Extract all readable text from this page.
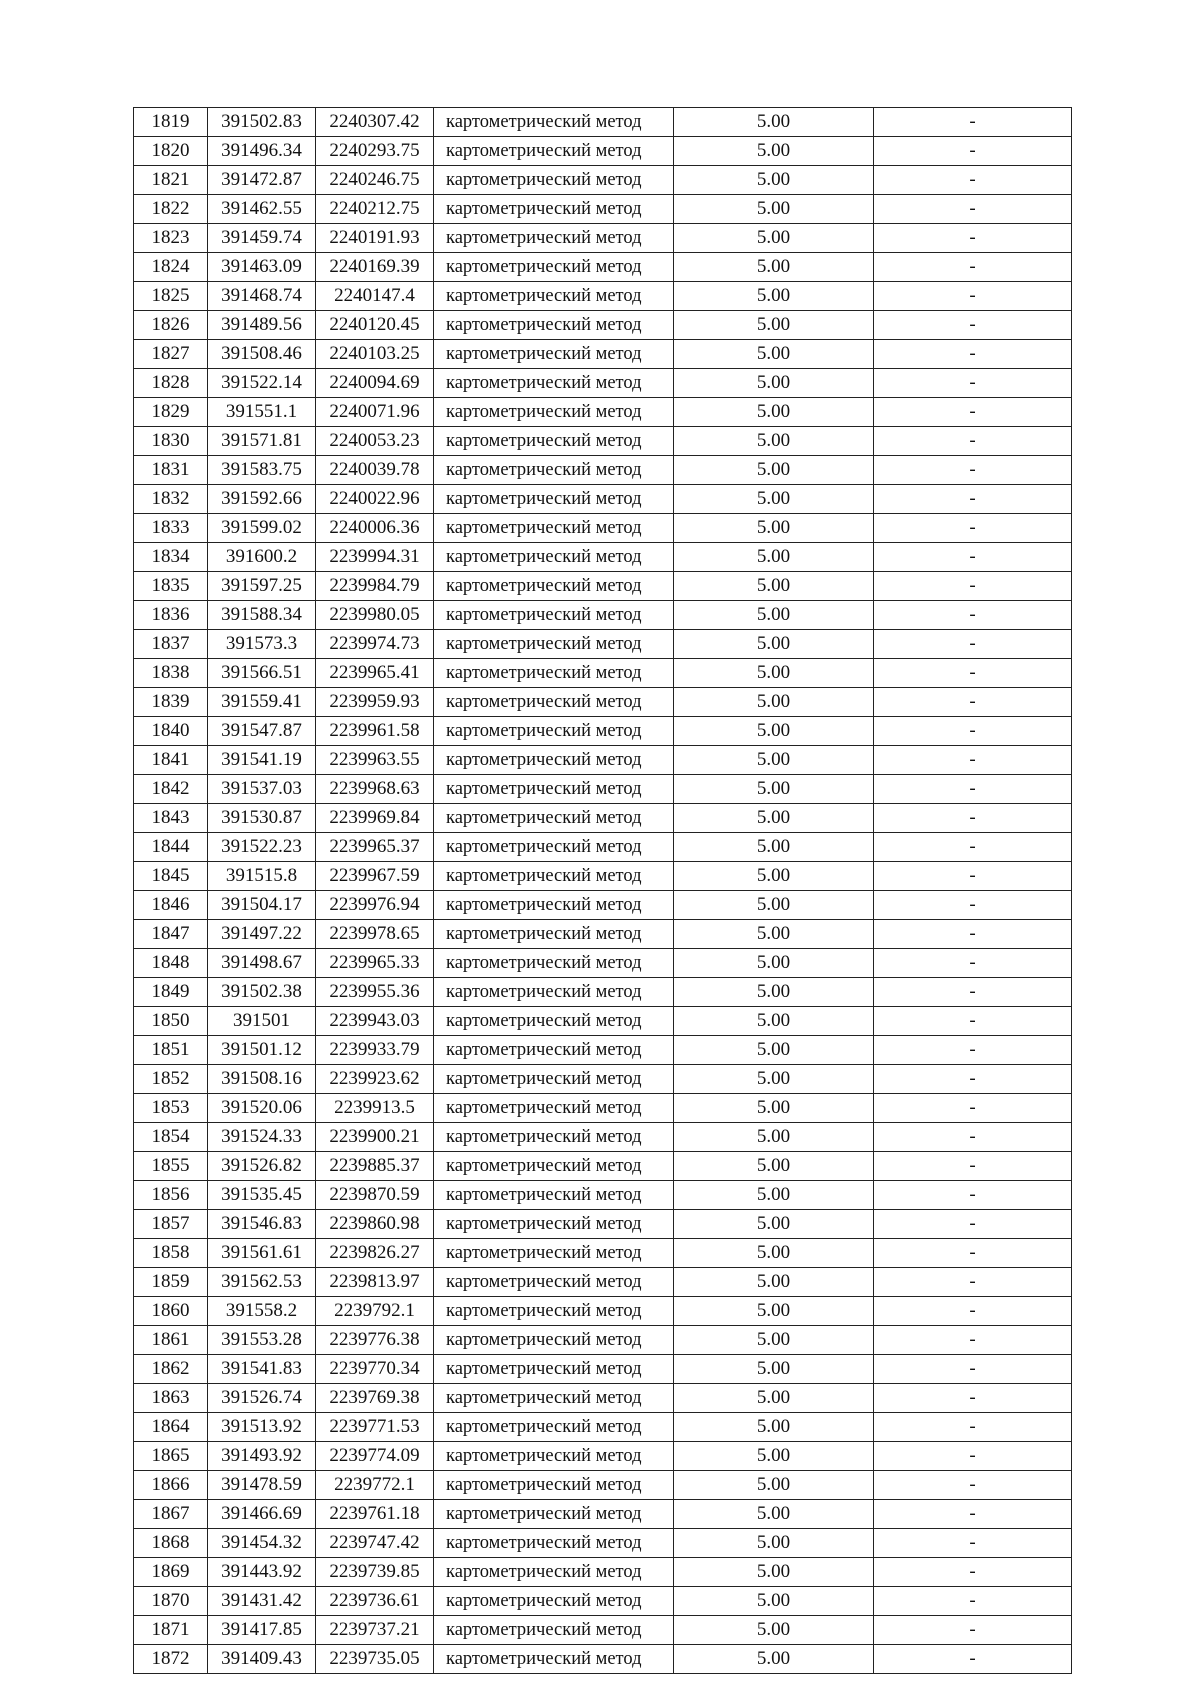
1819	391502.83	2240307.42	картометрический метод	5.00	-
1820	391496.34	2240293.75	картометрический метод	5.00	-
1821	391472.87	2240246.75	картометрический метод	5.00	-
1822	391462.55	2240212.75	картометрический метод	5.00	-
1823	391459.74	2240191.93	картометрический метод	5.00	-
1824	391463.09	2240169.39	картометрический метод	5.00	-
1825	391468.74	2240147.4	картометрический метод	5.00	-
1826	391489.56	2240120.45	картометрический метод	5.00	-
1827	391508.46	2240103.25	картометрический метод	5.00	-
1828	391522.14	2240094.69	картометрический метод	5.00	-
1829	391551.1	2240071.96	картометрический метод	5.00	-
1830	391571.81	2240053.23	картометрический метод	5.00	-
1831	391583.75	2240039.78	картометрический метод	5.00	-
1832	391592.66	2240022.96	картометрический метод	5.00	-
1833	391599.02	2240006.36	картометрический метод	5.00	-
1834	391600.2	2239994.31	картометрический метод	5.00	-
1835	391597.25	2239984.79	картометрический метод	5.00	-
1836	391588.34	2239980.05	картометрический метод	5.00	-
1837	391573.3	2239974.73	картометрический метод	5.00	-
1838	391566.51	2239965.41	картометрический метод	5.00	-
1839	391559.41	2239959.93	картометрический метод	5.00	-
1840	391547.87	2239961.58	картометрический метод	5.00	-
1841	391541.19	2239963.55	картометрический метод	5.00	-
1842	391537.03	2239968.63	картометрический метод	5.00	-
1843	391530.87	2239969.84	картометрический метод	5.00	-
1844	391522.23	2239965.37	картометрический метод	5.00	-
1845	391515.8	2239967.59	картометрический метод	5.00	-
1846	391504.17	2239976.94	картометрический метод	5.00	-
1847	391497.22	2239978.65	картометрический метод	5.00	-
1848	391498.67	2239965.33	картометрический метод	5.00	-
1849	391502.38	2239955.36	картометрический метод	5.00	-
1850	391501	2239943.03	картометрический метод	5.00	-
1851	391501.12	2239933.79	картометрический метод	5.00	-
1852	391508.16	2239923.62	картометрический метод	5.00	-
1853	391520.06	2239913.5	картометрический метод	5.00	-
1854	391524.33	2239900.21	картометрический метод	5.00	-
1855	391526.82	2239885.37	картометрический метод	5.00	-
1856	391535.45	2239870.59	картометрический метод	5.00	-
1857	391546.83	2239860.98	картометрический метод	5.00	-
1858	391561.61	2239826.27	картометрический метод	5.00	-
1859	391562.53	2239813.97	картометрический метод	5.00	-
1860	391558.2	2239792.1	картометрический метод	5.00	-
1861	391553.28	2239776.38	картометрический метод	5.00	-
1862	391541.83	2239770.34	картометрический метод	5.00	-
1863	391526.74	2239769.38	картометрический метод	5.00	-
1864	391513.92	2239771.53	картометрический метод	5.00	-
1865	391493.92	2239774.09	картометрический метод	5.00	-
1866	391478.59	2239772.1	картометрический метод	5.00	-
1867	391466.69	2239761.18	картометрический метод	5.00	-
1868	391454.32	2239747.42	картометрический метод	5.00	-
1869	391443.92	2239739.85	картометрический метод	5.00	-
1870	391431.42	2239736.61	картометрический метод	5.00	-
1871	391417.85	2239737.21	картометрический метод	5.00	-
1872	391409.43	2239735.05	картометрический метод	5.00	-
